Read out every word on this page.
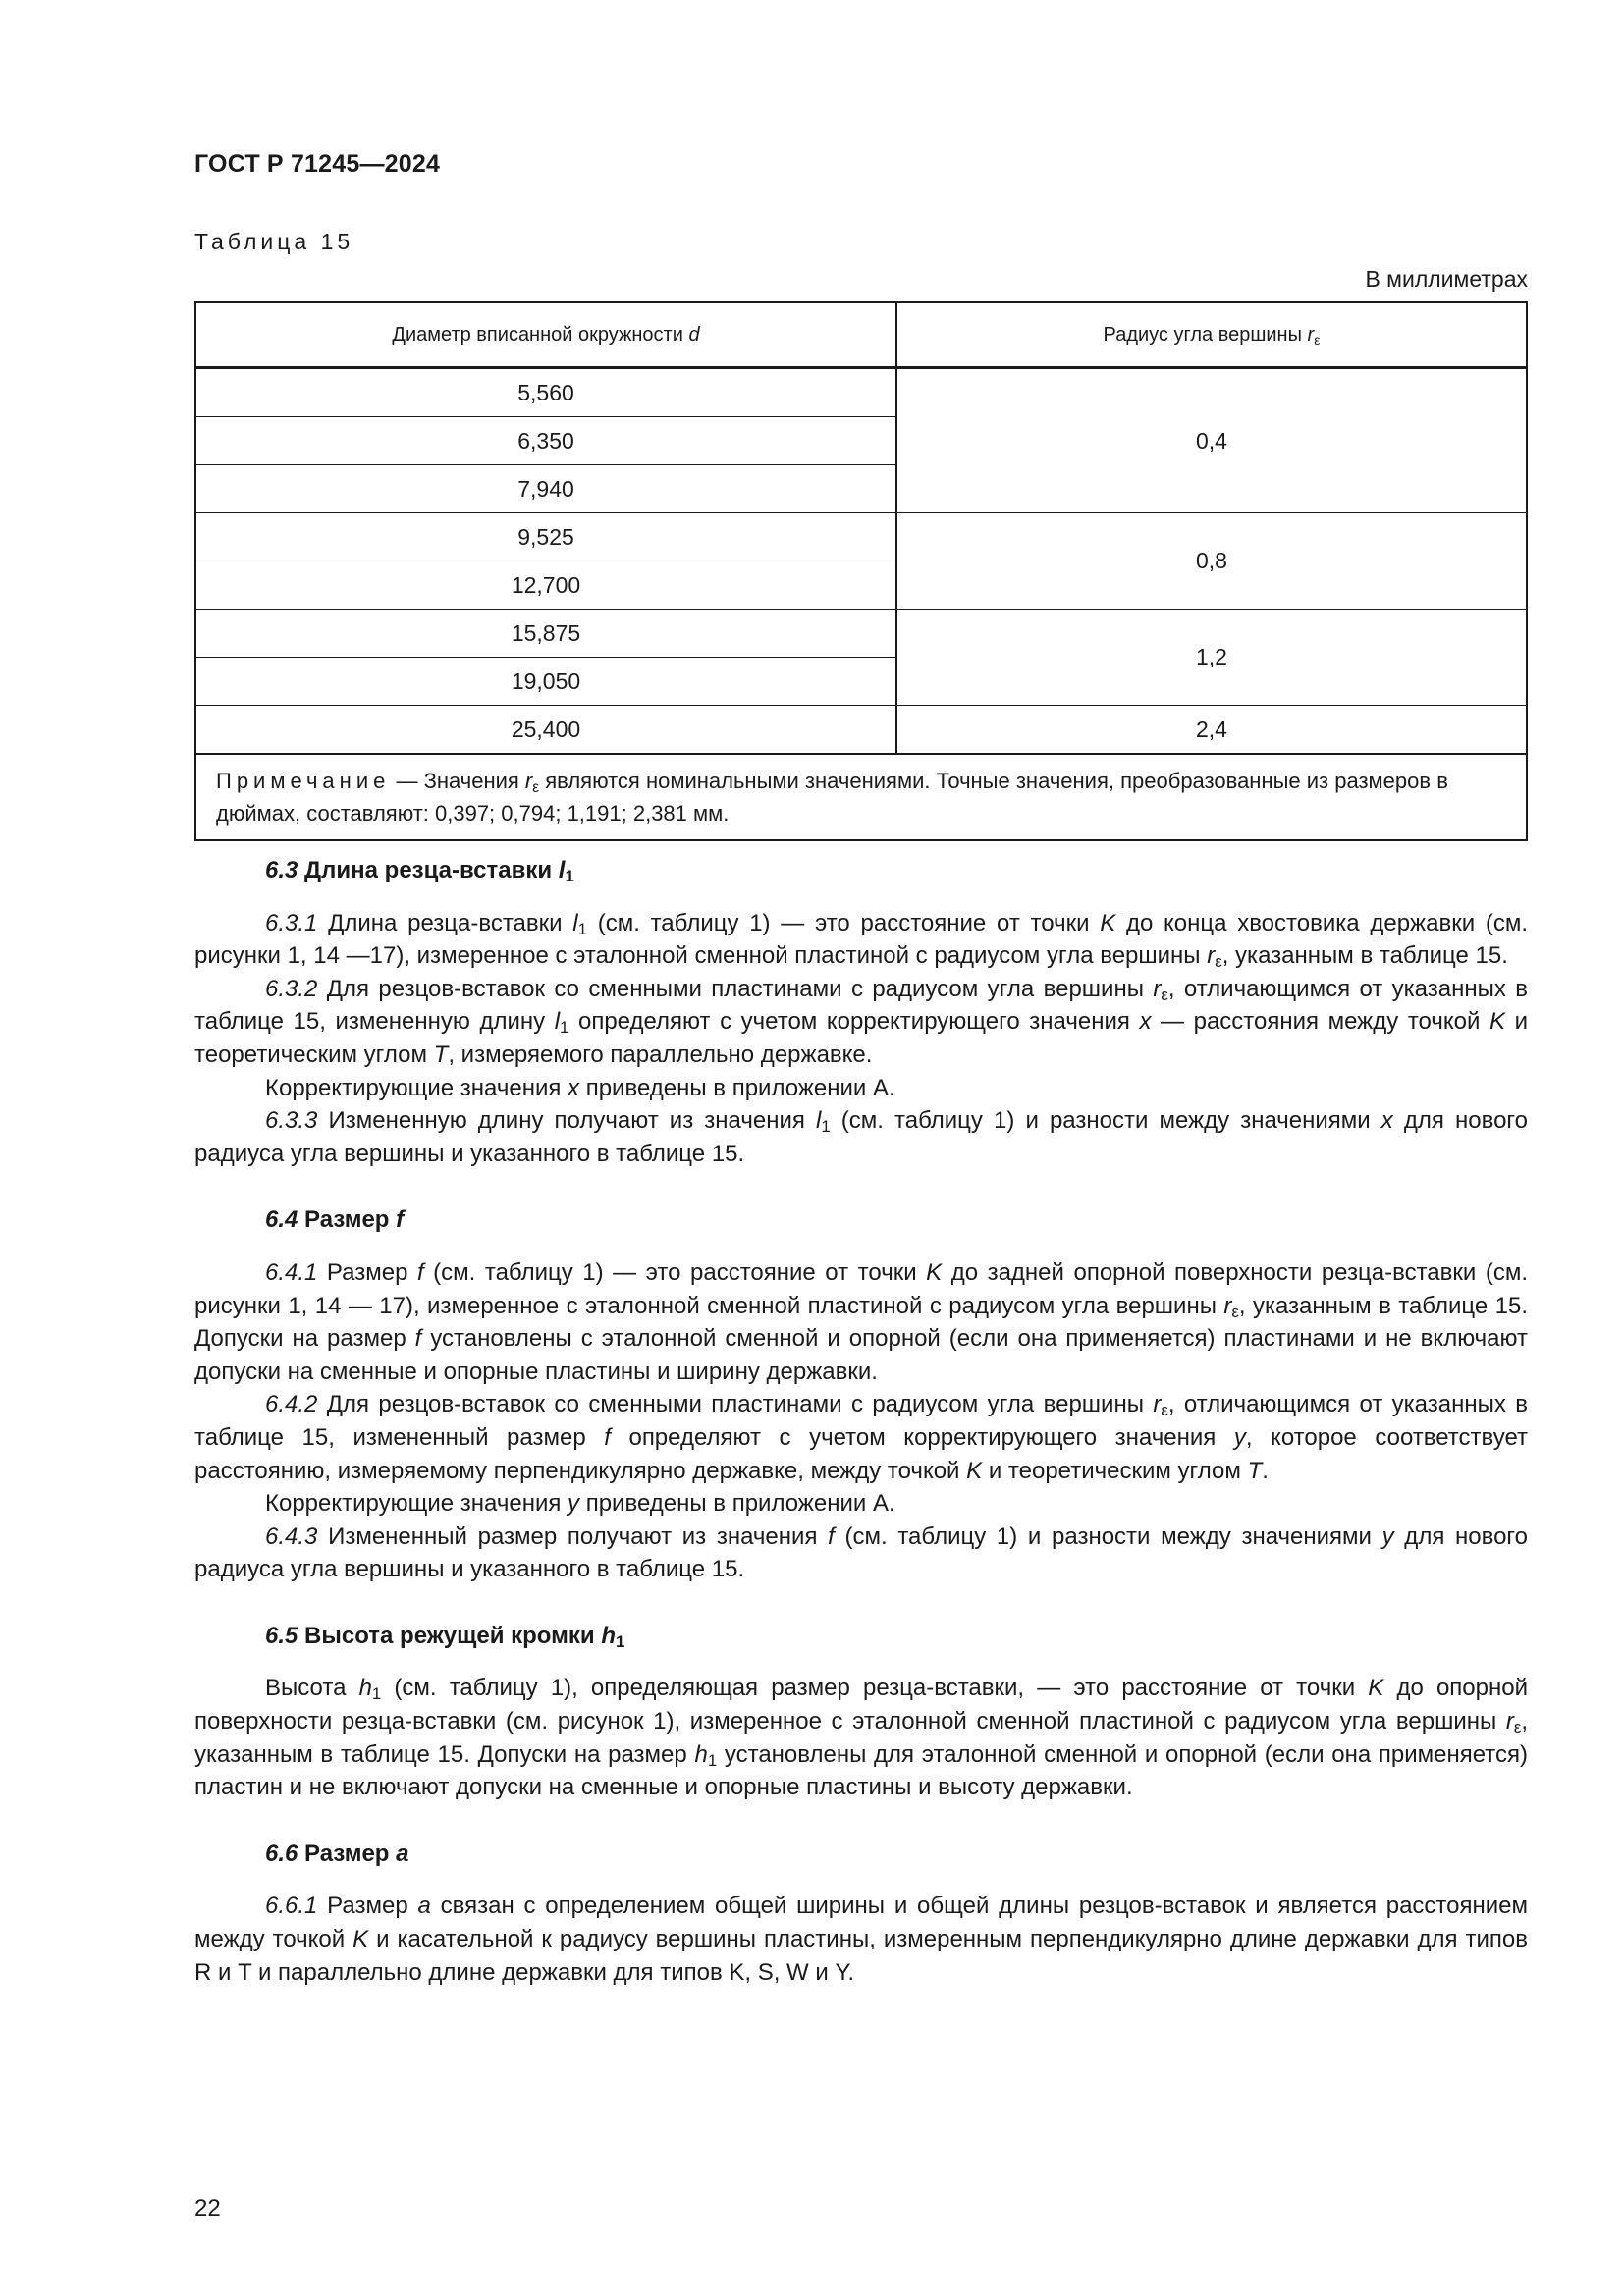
ГОСТ Р 71245—2024
Таблица 15
В миллиметрах
Диаметр вписанной окружности d	Радиус угла вершины $r_\varepsilon$
5,560	0,4
6,350	
7,940	
9,525	0,8
12,700	
15,875	1,2
19,050	
25,400	2,4
Примечание — Значения $r_\varepsilon$ являются номинальными значениями. Точные значения, преобразованные из размеров в дюймах, составляют: 0,397; 0,794; 1,191; 2,381 мм.	
6.3 Длина резца-вставки $l_1$

6.3.1 Длина резца-вставки $l_1$ (см. таблицу 1) — это расстояние от точки K до конца хвостовика державки (см. рисунки 1, 14 —17), измеренное с эталонной сменной пластиной с радиусом угла вершины $r_\varepsilon$, указанным в таблице 15.

6.3.2 Для резцов-вставок со сменными пластинами с радиусом угла вершины $r_\varepsilon$, отличающимся от указанных в таблице 15, измененную длину $l_1$ определяют с учетом корректирующего значения x — расстояния между точкой K и теоретическим углом T, измеряемого параллельно державке.

Корректирующие значения x приведены в приложении А.

6.3.3 Измененную длину получают из значения $l_1$ (см. таблицу 1) и разности между значениями x для нового радиуса угла вершины и указанного в таблице 15.

6.4 Размер f

6.4.1 Размер f (см. таблицу 1) — это расстояние от точки K до задней опорной поверхности резца-вставки (см. рисунки 1, 14 — 17), измеренное с эталонной сменной пластиной с радиусом угла вершины $r_\varepsilon$, указанным в таблице 15. Допуски на размер f установлены с эталонной сменной и опорной (если она применяется) пластинами и не включают допуски на сменные и опорные пластины и ширину державки.

6.4.2 Для резцов-вставок со сменными пластинами с радиусом угла вершины $r_\varepsilon$, отличающимся от указанных в таблице 15, измененный размер f определяют с учетом корректирующего значения y, которое соответствует расстоянию, измеряемому перпендикулярно державке, между точкой K и теоретическим углом T.

Корректирующие значения y приведены в приложении А.

6.4.3 Измененный размер получают из значения f (см. таблицу 1) и разности между значениями y для нового радиуса угла вершины и указанного в таблице 15.

6.5 Высота режущей кромки $h_1$

Высота $h_1$ (см. таблицу 1), определяющая размер резца-вставки, — это расстояние от точки K до опорной поверхности резца-вставки (см. рисунок 1), измеренное с эталонной сменной пластиной с радиусом угла вершины $r_\varepsilon$, указанным в таблице 15. Допуски на размер $h_1$ установлены для эталонной сменной и опорной (если она применяется) пластин и не включают допуски на сменные и опорные пластины и высоту державки.

6.6 Размер a

6.6.1 Размер a связан с определением общей ширины и общей длины резцов-вставок и является расстоянием между точкой K и касательной к радиусу вершины пластины, измеренным перпендикулярно длине державки для типов R и T и параллельно длине державки для типов K, S, W и Y.

22
